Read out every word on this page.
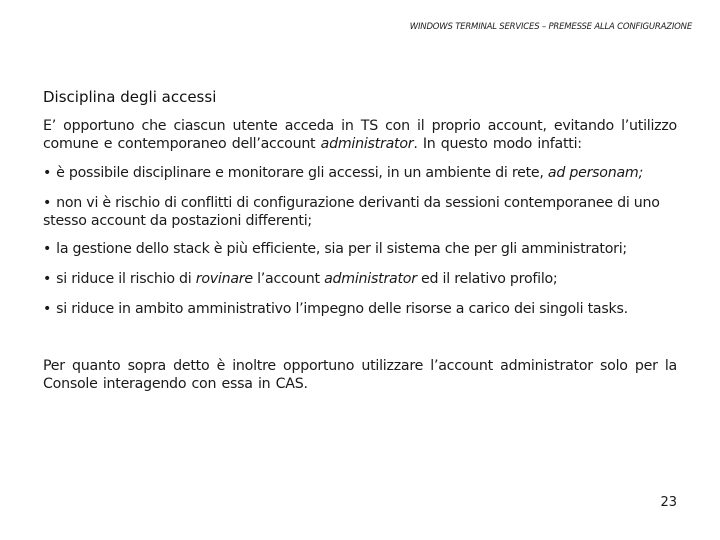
WINDOWS TERMINAL SERVICES – PREMESSE ALLA CONFIGURAZIONE
Disciplina degli accessi
E’ opportuno che ciascun utente acceda in TS con il proprio account, evitando l’utilizzo comune e contemporaneo dell’account administrator. In questo modo infatti:
• è possibile disciplinare e monitorare gli accessi, in un ambiente di rete, ad personam;
• non vi è rischio di conflitti di configurazione derivanti da sessioni contemporanee di uno stesso account da postazioni differenti;
• la gestione dello stack è più efficiente, sia per il sistema che per gli amministratori;
• si riduce il rischio di rovinare l’account administrator ed il relativo profilo;
• si riduce in ambito amministrativo l’impegno delle risorse a carico dei singoli tasks.
Per quanto sopra detto è inoltre opportuno utilizzare l’account administrator solo per la Console interagendo con essa in CAS.
23
